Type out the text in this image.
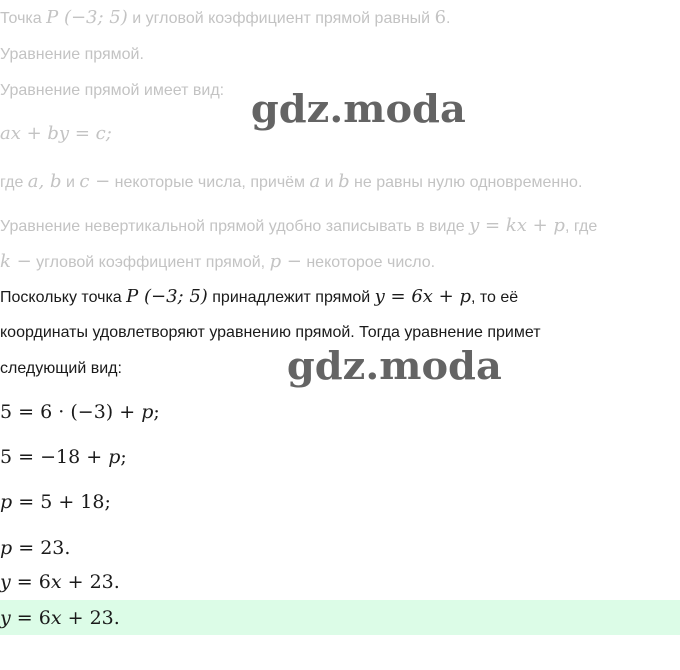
Точка P (−3; 5) и угловой коэффициент прямой равный 6.
Уравнение прямой.
Уравнение прямой имеет вид:
ax + by = c;
где a, b и c − некоторые числа, причём a и b не равны нулю одновременно.
Уравнение невертикальной прямой удобно записывать в виде y = kx + p, где
k − угловой коэффициент прямой, p − некоторое число.
Поскольку точка P (−3; 5) принадлежит прямой y = 6x + p, то её
координаты удовлетворяют уравнению прямой. Тогда уравнение примет
следующий вид:
5 = 6 · (−3) + p;
5 = −18 + p;
p = 5 + 18;
p = 23.
y = 6x + 23.
y = 6x + 23.
gdz.moda
gdz.moda
